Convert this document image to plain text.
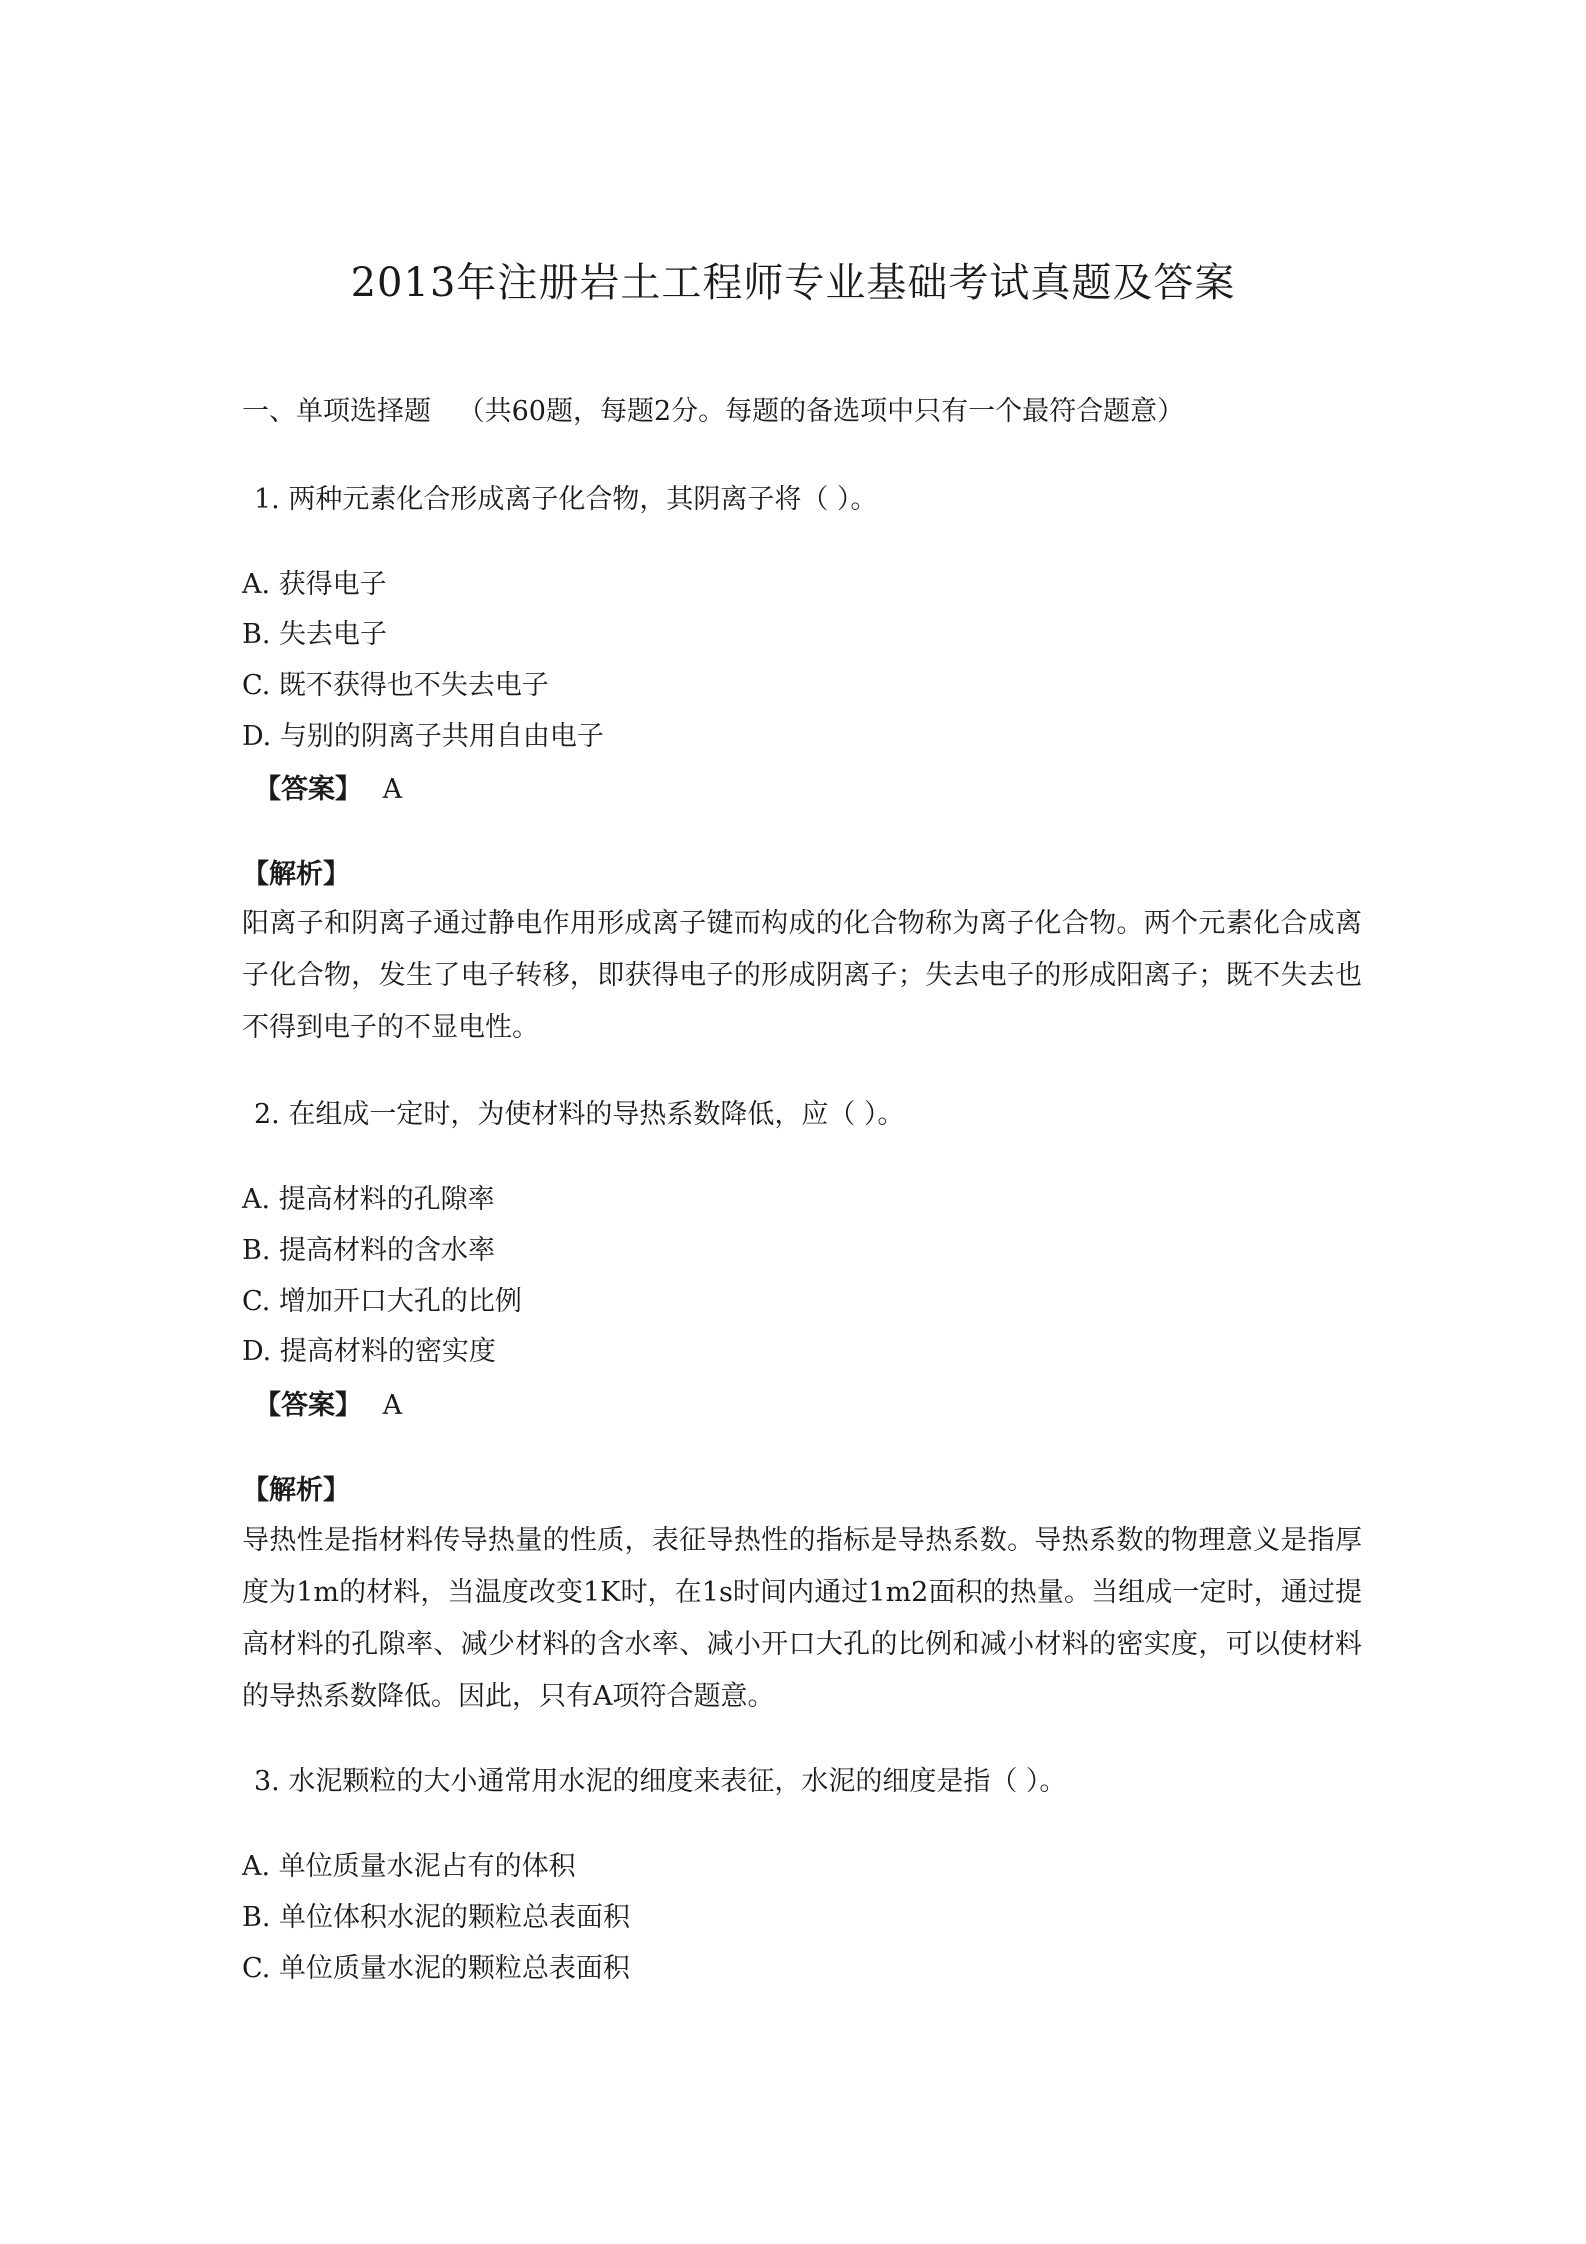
2013年注册岩土工程师专业基础考试真题及答案
一、单项选择题 （共60题，每题2分。每题的备选项中只有一个最符合题意）
1. 两种元素化合形成离子化合物，其阴离子将（ ）。
A. 获得电子
B. 失去电子
C. 既不获得也不失去电子
D. 与别的阴离子共用自由电子
【答案】 A
【解析】
阳离子和阴离子通过静电作用形成离子键而构成的化合物称为离子化合物。两个元素化合成离子化合物，发生了电子转移，即获得电子的形成阴离子；失去电子的形成阳离子；既不失去也不得到电子的不显电性。
2. 在组成一定时，为使材料的导热系数降低，应（ ）。
A. 提高材料的孔隙率
B. 提高材料的含水率
C. 增加开口大孔的比例
D. 提高材料的密实度
【答案】 A
【解析】
导热性是指材料传导热量的性质，表征导热性的指标是导热系数。导热系数的物理意义是指厚度为1m的材料，当温度改变1K时，在1s时间内通过1m2面积的热量。当组成一定时，通过提高材料的孔隙率、减少材料的含水率、减小开口大孔的比例和减小材料的密实度，可以使材料的导热系数降低。因此，只有A项符合题意。
3. 水泥颗粒的大小通常用水泥的细度来表征，水泥的细度是指（ ）。
A. 单位质量水泥占有的体积
B. 单位体积水泥的颗粒总表面积
C. 单位质量水泥的颗粒总表面积
